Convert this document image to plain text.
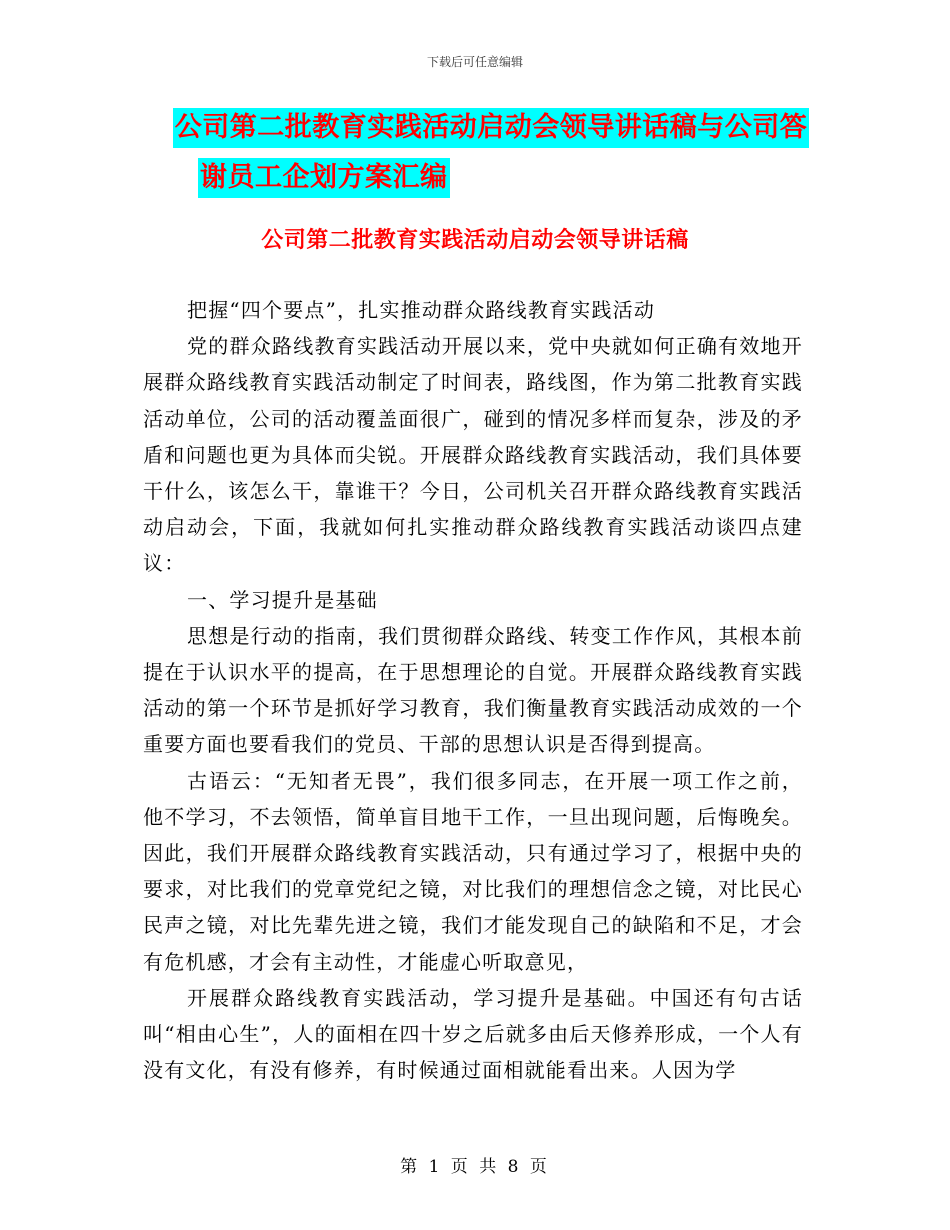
下载后可任意编辑
公司第二批教育实践活动启动会领导讲话稿与公司答
谢员工企划方案汇编
公司第二批教育实践活动启动会领导讲话稿

把握“四个要点”，扎实推动群众路线教育实践活动

党的群众路线教育实践活动开展以来，党中央就如何正确有效地开展群众路线教育实践活动制定了时间表，路线图，作为第二批教育实践活动单位，公司的活动覆盖面很广，碰到的情况多样而复杂，涉及的矛盾和问题也更为具体而尖锐。开展群众路线教育实践活动，我们具体要干什么，该怎么干，靠谁干？今日，公司机关召开群众路线教育实践活动启动会，下面，我就如何扎实推动群众路线教育实践活动谈四点建议：

一、学习提升是基础

思想是行动的指南，我们贯彻群众路线、转变工作作风，其根本前提在于认识水平的提高，在于思想理论的自觉。开展群众路线教育实践活动的第一个环节是抓好学习教育，我们衡量教育实践活动成效的一个重要方面也要看我们的党员、干部的思想认识是否得到提高。

古语云：“无知者无畏”，我们很多同志，在开展一项工作之前，他不学习，不去领悟，简单盲目地干工作，一旦出现问题，后悔晚矣。因此，我们开展群众路线教育实践活动，只有通过学习了，根据中央的要求，对比我们的党章党纪之镜，对比我们的理想信念之镜，对比民心民声之镜，对比先辈先进之镜，我们才能发现自己的缺陷和不足，才会有危机感，才会有主动性，才能虚心听取意见，

开展群众路线教育实践活动，学习提升是基础。中国还有句古话叫“相由心生”，人的面相在四十岁之后就多由后天修养形成，一个人有没有文化，有没有修养，有时候通过面相就能看出来。人因为学

第 1 页 共 8 页
